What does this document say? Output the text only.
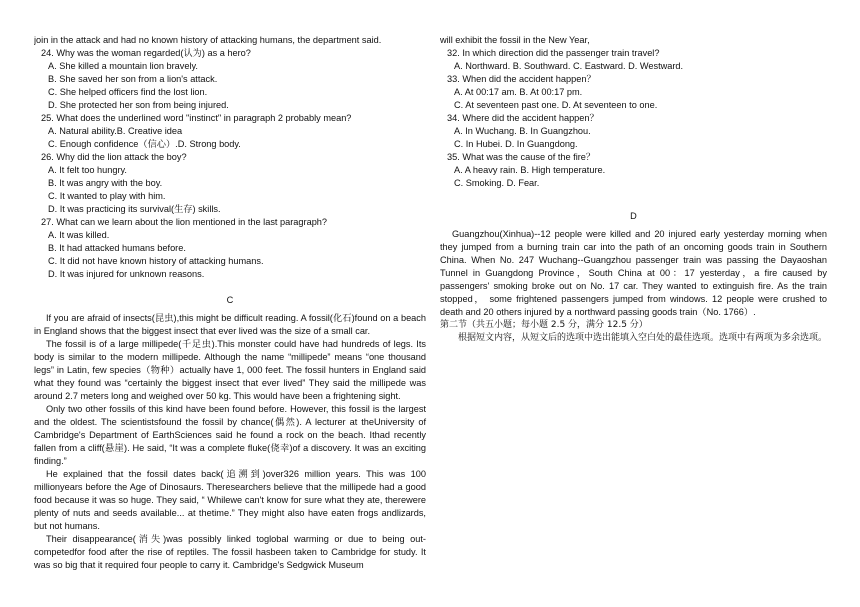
join in the attack and had no known history of attacking humans, the department said.
24. Why was the woman regarded(认为) as a hero?
A. She killed a mountain lion bravely.
B. She saved her son from a lion's attack.
C. She helped officers find the lost lion.
D. She protected her son from being injured.
25. What does the underlined word "instinct" in paragraph 2 probably mean?
A. Natural ability.B. Creative idea
C. Enough confidence（信心）.D. Strong body.
26. Why did the lion attack the boy?
A. It felt too hungry.
B. It was angry with the boy.
C. It wanted to play with him.
D. It was practicing its survival(生存) skills.
27. What can we learn about the lion mentioned in the last paragraph?
A. It was killed.
B. It had attacked humans before.
C. It did not have known history of attacking humans.
D. It was injured for unknown reasons.
C
If you are afraid of insects(昆虫),this might be difficult reading. A fossil(化石)found on a beach in England shows that the biggest insect that ever lived was the size of a small car.
The fossil is of a large millipede(千足虫).This monster could have had hundreds of legs. Its body is similar to the modern millipede. Although the name “millipede” means “one thousand legs” in Latin, few species（物种）actually have 1, 000 feet. The fossil hunters in England said what they found was “certainly the biggest insect that ever lived” They said the millipede was around 2.7 meters long and weighed over 50 kg. This would have been a frightening sight.
Only two other fossils of this kind have been found before. However, this fossil is the largest and the oldest. The scientistsfound the fossil by chance(偶然). A lecturer at theUniversity of Cambridge's Department of EarthSciences said he found a rock on the beach. Ithad recently fallen from a cliff(悬崖). He said, “It was a complete fluke(侥幸)of a discovery. It was an exciting finding.”
He explained that the fossil dates back(追溯到)over326 million years. This was 100 millionyears before the Age of Dinosaurs. Theresearchers believe that the millipede had a good food because it was so huge. They said, “ Whilewe can't know for sure what they ate, therewere plenty of nuts and seeds available... at thetime.” They might also have eaten frogs andlizards, but not humans.
Their disappearance(消失)was possibly linked toglobal warming or due to being out-competedfor food after the rise of reptiles. The fossil hasbeen taken to Cambridge for study. It was so big that it required four people to carry it. Cambridge's Sedgwick Museum
will exhibit the fossil in the New Year,
32. In which direction did the passenger train travel?
A. Northward. B. Southward. C. Eastward. D. Westward.
33. When did the accident happen？
A. At 00:17 am. B. At 00:17 pm.
C. At seventeen past one. D. At seventeen to one.
34. Where did the accident happen？
A. In Wuchang. B. In Guangzhou.
C. In Hubei. D. In Guangdong.
35. What was the cause of the fire？
A. A heavy rain. B. High temperature.
C. Smoking. D. Fear.
D
Guangzhou(Xinhua)--12 people were killed and 20 injured early yesterday morning when they jumped from a burning train car into the path of an oncoming goods train in Southern China. When No. 247 Wuchang--Guangzhou passenger train was passing the Dayaoshan Tunnel in Guangdong Province，South China at 00：17 yesterday，a fire caused by passengers' smoking broke out on No. 17 car. They wanted to extinguish fire. As the train stopped， some frightened passengers jumped from windows. 12 people were crushed to death and 20 others injured by a northward passing goods train（No. 1766）.
第二节（共五小题；每小题 2.5 分，满分 12.5 分）
根据短文内容，从短文后的选项中选出能填入空白处的最佳选项。选项中有两项为多余选项。
